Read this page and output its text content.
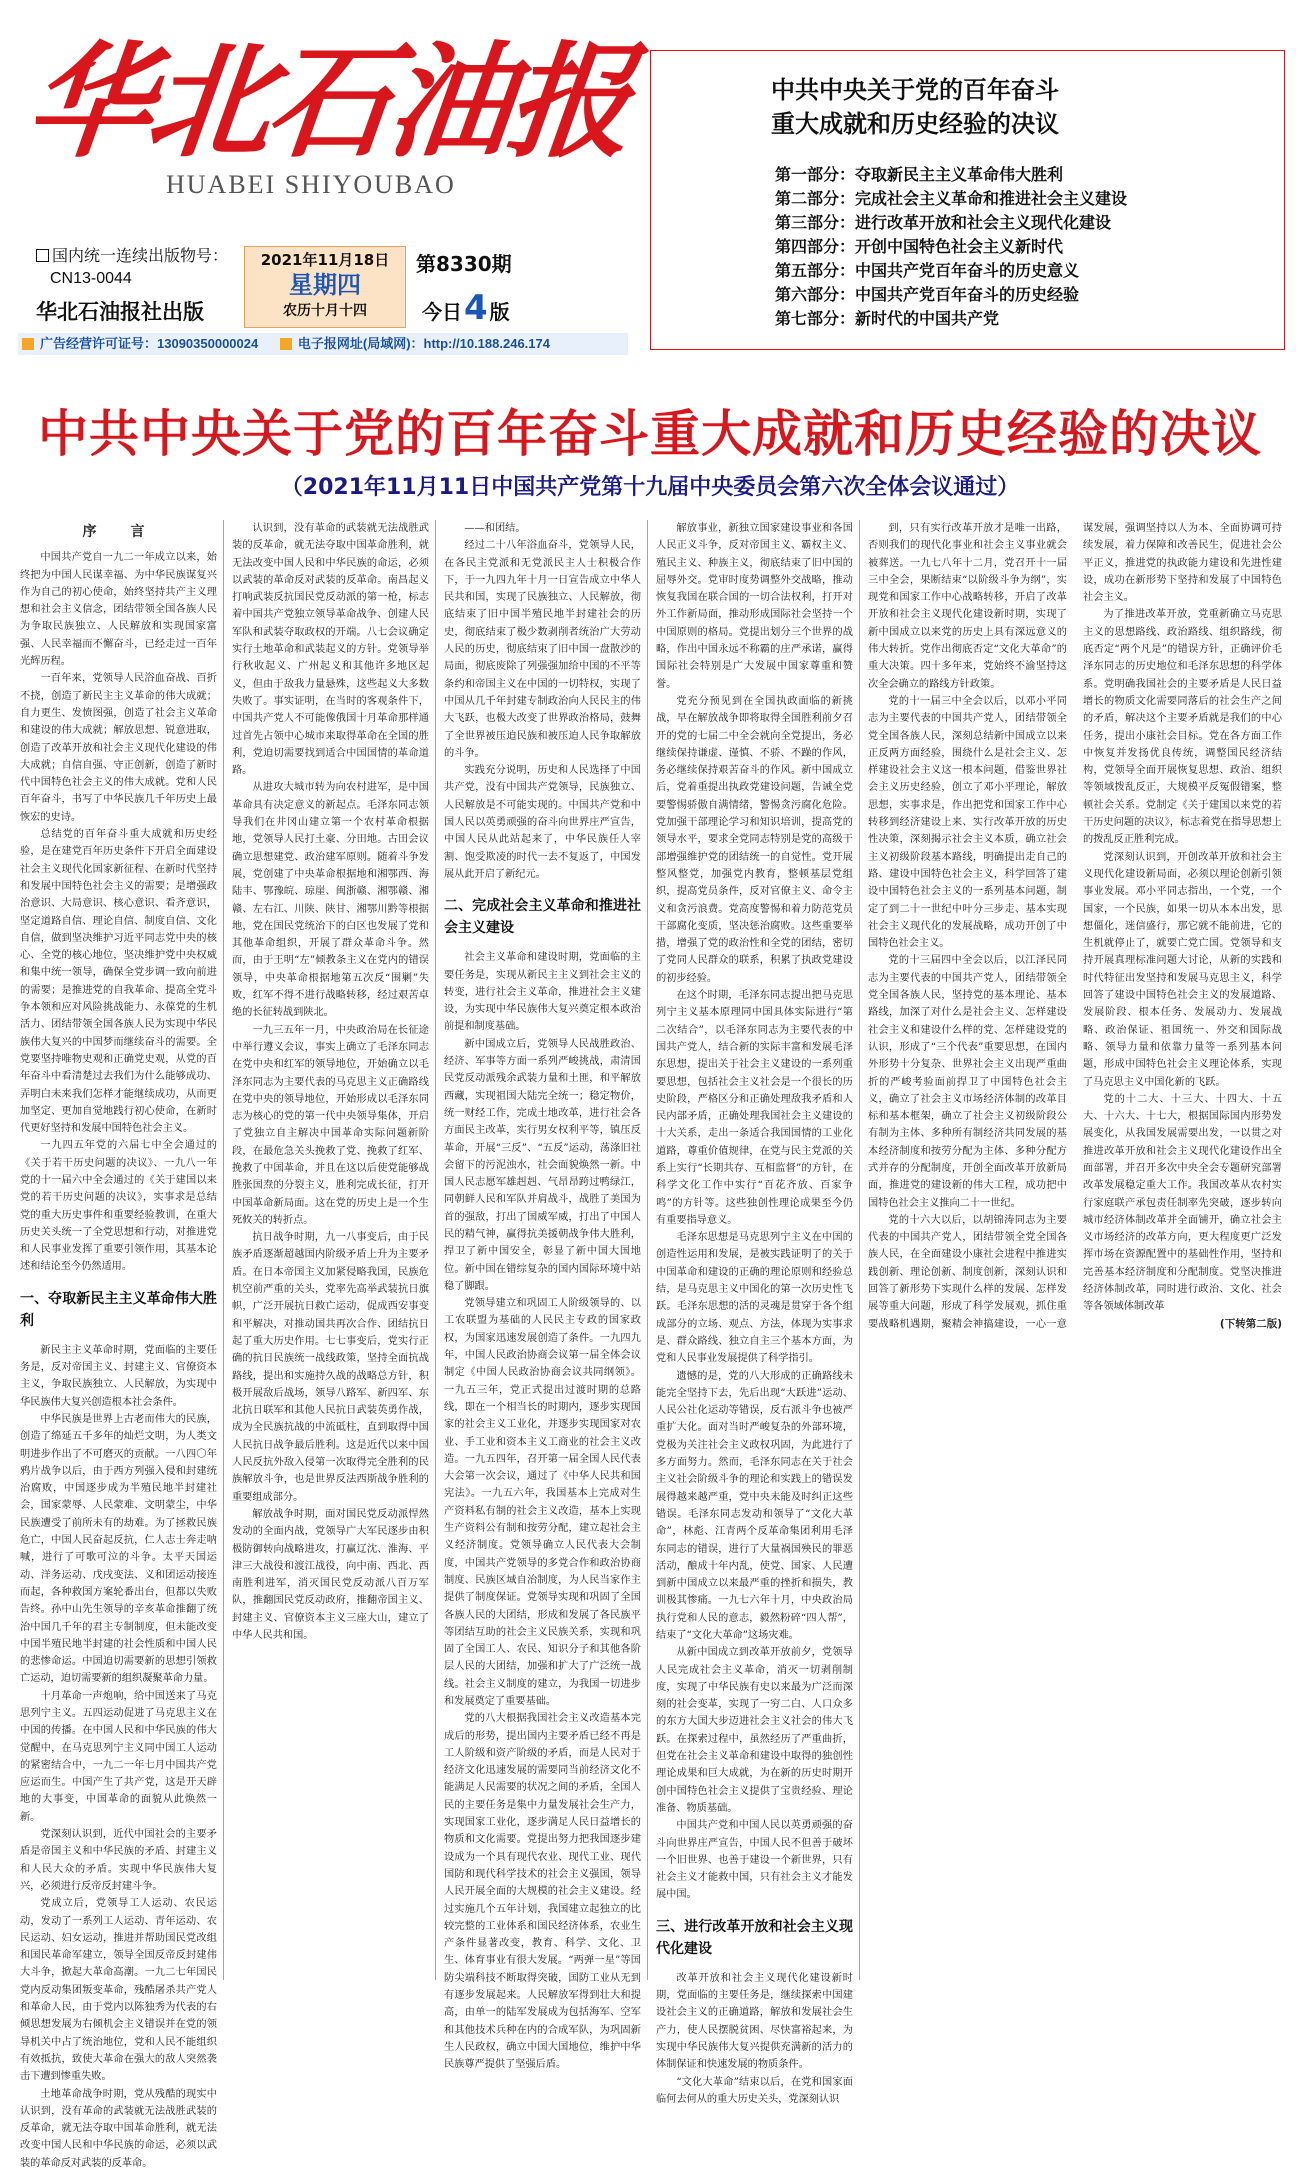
华北石油报
HUABEI SHIYOUBAO
国内统一连续出版物号：
CN13-0044
华北石油报社出版
2021年11月18日
星期四
农历十月十四
第8330期
今日4 版
广告经营许可证号：13090350000024	电子报网址(局域网)：http://10.188.246.174
中共中央关于党的百年奋斗
重大成就和历史经验的决议
第一部分：夺取新民主主义革命伟大胜利
第二部分：完成社会主义革命和推进社会主义建设
第三部分：进行改革开放和社会主义现代化建设
第四部分：开创中国特色社会主义新时代
第五部分：中国共产党百年奋斗的历史意义
第六部分：中国共产党百年奋斗的历史经验
第七部分：新时代的中国共产党
中共中央关于党的百年奋斗重大成就和历史经验的决议
（2021年11月11日中国共产党第十九届中央委员会第六次全体会议通过）
序　言

中国共产党自一九二一年成立以来，始终把为中国人民谋幸福、为中华民族谋复兴作为自己的初心使命，始终坚持共产主义理想和社会主义信念，团结带领全国各族人民为争取民族独立、人民解放和实现国家富强、人民幸福而不懈奋斗，已经走过一百年光辉历程。

一百年来，党领导人民浴血奋战、百折不挠，创造了新民主主义革命的伟大成就；自力更生、发愤图强，创造了社会主义革命和建设的伟大成就；解放思想、锐意进取，创造了改革开放和社会主义现代化建设的伟大成就；自信自强、守正创新，创造了新时代中国特色社会主义的伟大成就。党和人民百年奋斗，书写了中华民族几千年历史上最恢宏的史诗。

总结党的百年奋斗重大成就和历史经验，是在建党百年历史条件下开启全面建设社会主义现代化国家新征程、在新时代坚持和发展中国特色社会主义的需要；是增强政治意识、大局意识、核心意识、看齐意识，坚定道路自信、理论自信、制度自信、文化自信，做到坚决维护习近平同志党中央的核心、全党的核心地位，坚决维护党中央权威和集中统一领导，确保全党步调一致向前进的需要；是推进党的自我革命、提高全党斗争本领和应对风险挑战能力、永葆党的生机活力、团结带领全国各族人民为实现中华民族伟大复兴的中国梦而继续奋斗的需要。全党要坚持唯物史观和正确党史观，从党的百年奋斗中看清楚过去我们为什么能够成功、弄明白未来我们怎样才能继续成功，从而更加坚定、更加自觉地践行初心使命，在新时代更好坚持和发展中国特色社会主义。

一九四五年党的六届七中全会通过的《关于若干历史问题的决议》、一九八一年党的十一届六中全会通过的《关于建国以来党的若干历史问题的决议》，实事求是总结党的重大历史事件和重要经验教训，在重大历史关头统一了全党思想和行动，对推进党和人民事业发挥了重要引领作用，其基本论述和结论至今仍然适用。

一、夺取新民主主义革命伟大胜利

新民主主义革命时期，党面临的主要任务是，反对帝国主义、封建主义、官僚资本主义，争取民族独立、人民解放，为实现中华民族伟大复兴创造根本社会条件。

中华民族是世界上古老而伟大的民族，创造了绵延五千多年的灿烂文明，为人类文明进步作出了不可磨灭的贡献。一八四〇年鸦片战争以后，由于西方列强入侵和封建统治腐败，中国逐步成为半殖民地半封建社会，国家蒙辱、人民蒙难、文明蒙尘，中华民族遭受了前所未有的劫难。为了拯救民族危亡，中国人民奋起反抗，仁人志士奔走呐喊，进行了可歌可泣的斗争。太平天国运动、洋务运动、戊戌变法、义和团运动接连而起，各种救国方案轮番出台，但都以失败告终。孙中山先生领导的辛亥革命推翻了统治中国几千年的君主专制制度，但未能改变中国半殖民地半封建的社会性质和中国人民的悲惨命运。中国迫切需要新的思想引领救亡运动，迫切需要新的组织凝聚革命力量。

十月革命一声炮响，给中国送来了马克思列宁主义。五四运动促进了马克思主义在中国的传播。在中国人民和中华民族的伟大觉醒中，在马克思列宁主义同中国工人运动的紧密结合中，一九二一年七月中国共产党应运而生。中国产生了共产党，这是开天辟地的大事变，中国革命的面貌从此焕然一新。

党深刻认识到，近代中国社会的主要矛盾是帝国主义和中华民族的矛盾、封建主义和人民大众的矛盾。实现中华民族伟大复兴，必须进行反帝反封建斗争。

党成立后，党领导工人运动、农民运动，发动了一系列工人运动、青年运动、农民运动、妇女运动，推进并帮助国民党改组和国民革命军建立，领导全国反帝反封建伟大斗争，掀起大革命高潮。一九二七年国民党内反动集团叛变革命，残酷屠杀共产党人和革命人民，由于党内以陈独秀为代表的右倾思想发展为右倾机会主义错误并在党的领导机关中占了统治地位，党和人民不能组织有效抵抗，致使大革命在强大的敌人突然袭击下遭到惨重失败。

土地革命战争时期，党从残酷的现实中认识到，没有革命的武装就无法战胜武装的反革命，就无法夺取中国革命胜利，就无法改变中国人民和中华民族的命运，必须以武装的革命反对武装的反革命。

认识到，没有革命的武装就无法战胜武装的反革命，就无法夺取中国革命胜利，就无法改变中国人民和中华民族的命运，必须以武装的革命反对武装的反革命。南昌起义打响武装反抗国民党反动派的第一枪，标志着中国共产党独立领导革命战争、创建人民军队和武装夺取政权的开端。八七会议确定实行土地革命和武装起义的方针。党领导举行秋收起义、广州起义和其他许多地区起义，但由于敌我力量悬殊，这些起义大多数失败了。事实证明，在当时的客观条件下，中国共产党人不可能像俄国十月革命那样通过首先占领中心城市来取得革命在全国的胜利，党迫切需要找到适合中国国情的革命道路。

从进攻大城市转为向农村进军，是中国革命具有决定意义的新起点。毛泽东同志领导我们在井冈山建立第一个农村革命根据地，党领导人民打土豪、分田地。古田会议确立思想建党、政治建军原则。随着斗争发展，党创建了中央革命根据地和湘鄂西、海陆丰、鄂豫皖、琼崖、闽浙赣、湘鄂赣、湘赣、左右江、川陕、陕甘、湘鄂川黔等根据地，党在国民党统治下的白区也发展了党和其他革命组织，开展了群众革命斗争。然而，由于王明“左”倾教条主义在党内的错误领导，中央革命根据地第五次反“围剿”失败，红军不得不进行战略转移，经过艰苦卓绝的长征转战到陕北。

一九三五年一月，中央政治局在长征途中举行遵义会议，事实上确立了毛泽东同志在党中央和红军的领导地位，开始确立以毛泽东同志为主要代表的马克思主义正确路线在党中央的领导地位，开始形成以毛泽东同志为核心的党的第一代中央领导集体，开启了党独立自主解决中国革命实际问题新阶段，在最危急关头挽救了党、挽救了红军、挽救了中国革命，并且在这以后使党能够战胜张国焘的分裂主义，胜利完成长征，打开中国革命新局面。这在党的历史上是一个生死攸关的转折点。

抗日战争时期，九一八事变后，由于民族矛盾逐渐超越国内阶级矛盾上升为主要矛盾。在日本帝国主义加紧侵略我国，民族危机空前严重的关头，党率先高举武装抗日旗帜，广泛开展抗日救亡运动，促成西安事变和平解决，对推动国共再次合作、团结抗日起了重大历史作用。七七事变后，党实行正确的抗日民族统一战线政策，坚持全面抗战路线，提出和实施持久战的战略总方针，积极开展敌后战场，领导八路军、新四军、东北抗日联军和其他人民抗日武装英勇作战，成为全民族抗战的中流砥柱，直到取得中国人民抗日战争最后胜利。这是近代以来中国人民反抗外敌入侵第一次取得完全胜利的民族解放斗争，也是世界反法西斯战争胜利的重要组成部分。

解放战争时期，面对国民党反动派悍然发动的全面内战，党领导广大军民逐步由积极防御转向战略进攻，打赢辽沈、淮海、平津三大战役和渡江战役，向中南、西北、西南胜利进军，消灭国民党反动派八百万军队，推翻国民党反动政府，推翻帝国主义、封建主义、官僚资本主义三座大山，建立了中华人民共和国。

——和团结。

经过二十八年浴血奋斗，党领导人民，在各民主党派和无党派民主人士积极合作下，于一九四九年十月一日宣告成立中华人民共和国，实现了民族独立、人民解放，彻底结束了旧中国半殖民地半封建社会的历史，彻底结束了极少数剥削者统治广大劳动人民的历史，彻底结束了旧中国一盘散沙的局面，彻底废除了列强强加给中国的不平等条约和帝国主义在中国的一切特权，实现了中国从几千年封建专制政治向人民民主的伟大飞跃，也极大改变了世界政治格局，鼓舞了全世界被压迫民族和被压迫人民争取解放的斗争。

实践充分说明，历史和人民选择了中国共产党，没有中国共产党领导，民族独立、人民解放是不可能实现的。中国共产党和中国人民以英勇顽强的奋斗向世界庄严宣告，中国人民从此站起来了，中华民族任人宰割、饱受欺凌的时代一去不复返了，中国发展从此开启了新纪元。

二、完成社会主义革命和推进社会主义建设

社会主义革命和建设时期，党面临的主要任务是，实现从新民主主义到社会主义的转变，进行社会主义革命，推进社会主义建设，为实现中华民族伟大复兴奠定根本政治前提和制度基础。

新中国成立后，党领导人民战胜政治、经济、军事等方面一系列严峻挑战，肃清国民党反动派残余武装力量和土匪，和平解放西藏，实现祖国大陆完全统一；稳定物价，统一财经工作，完成土地改革，进行社会各方面民主改革，实行男女权利平等，镇压反革命，开展“三反”、“五反”运动，荡涤旧社会留下的污泥浊水，社会面貌焕然一新。中国人民志愿军雄赳赳、气昂昂跨过鸭绿江，同朝鲜人民和军队并肩战斗，战胜了美国为首的强敌，打出了国威军威，打出了中国人民的精气神，赢得抗美援朝战争伟大胜利，捍卫了新中国安全，彰显了新中国大国地位。新中国在错综复杂的国内国际环境中站稳了脚跟。

党领导建立和巩固工人阶级领导的、以工农联盟为基础的人民民主专政的国家政权，为国家迅速发展创造了条件。一九四九年，中国人民政治协商会议第一届全体会议制定《中国人民政治协商会议共同纲领》。一九五三年，党正式提出过渡时期的总路线，即在一个相当长的时期内，逐步实现国家的社会主义工业化，并逐步实现国家对农业、手工业和资本主义工商业的社会主义改造。一九五四年，召开第一届全国人民代表大会第一次会议，通过了《中华人民共和国宪法》。一九五六年，我国基本上完成对生产资料私有制的社会主义改造，基本上实现生产资料公有制和按劳分配，建立起社会主义经济制度。党领导确立人民代表大会制度，中国共产党领导的多党合作和政治协商制度、民族区域自治制度，为人民当家作主提供了制度保证。党领导实现和巩固了全国各族人民的大团结，形成和发展了各民族平等团结互助的社会主义民族关系，实现和巩固了全国工人、农民、知识分子和其他各阶层人民的大团结，加强和扩大了广泛统一战线。社会主义制度的建立，为我国一切进步和发展奠定了重要基础。

党的八大根据我国社会主义改造基本完成后的形势，提出国内主要矛盾已经不再是工人阶级和资产阶级的矛盾，而是人民对于经济文化迅速发展的需要同当前经济文化不能满足人民需要的状况之间的矛盾，全国人民的主要任务是集中力量发展社会生产力，实现国家工业化，逐步满足人民日益增长的物质和文化需要。党提出努力把我国逐步建设成为一个具有现代农业、现代工业、现代国防和现代科学技术的社会主义强国，领导人民开展全面的大规模的社会主义建设。经过实施几个五年计划，我国建立起独立的比较完整的工业体系和国民经济体系，农业生产条件显著改变，教育、科学、文化、卫生、体育事业有很大发展。“两弹一星”等国防尖端科技不断取得突破，国防工业从无到有逐步发展起来。人民解放军得到壮大和提高，由单一的陆军发展成为包括海军、空军和其他技术兵种在内的合成军队，为巩固新生人民政权，确立中国大国地位，维护中华民族尊严提供了坚强后盾。

解放事业，新独立国家建设事业和各国人民正义斗争，反对帝国主义、霸权主义、殖民主义、种族主义，彻底结束了旧中国的屈辱外交。党审时度势调整外交战略，推动恢复我国在联合国的一切合法权利，打开对外工作新局面，推动形成国际社会坚持一个中国原则的格局。党提出划分三个世界的战略，作出中国永远不称霸的庄严承诺，赢得国际社会特别是广大发展中国家尊重和赞誉。

党充分预见到在全国执政面临的新挑战，早在解放战争即将取得全国胜利前夕召开的党的七届二中全会就向全党提出，务必继续保持谦虚、谨慎、不骄、不躁的作风，务必继续保持艰苦奋斗的作风。新中国成立后，党着重提出执政党建设问题，告诫全党要警惕骄傲自满情绪，警惕贪污腐化危险。党加强干部理论学习和知识培训，提高党的领导水平，要求全党同志特别是党的高级干部增强维护党的团结统一的自觉性。党开展整风整党，加强党内教育，整顿基层党组织，提高党员条件，反对官僚主义、命令主义和贪污浪费。党高度警惕和着力防范党员干部腐化变质，坚决惩治腐败。这些重要举措，增强了党的政治性和全党的团结，密切了党同人民群众的联系，积累了执政党建设的初步经验。

在这个时期，毛泽东同志提出把马克思列宁主义基本原理同中国具体实际进行“第二次结合”，以毛泽东同志为主要代表的中国共产党人，结合新的实际丰富和发展毛泽东思想，提出关于社会主义建设的一系列重要思想，包括社会主义社会是一个很长的历史阶段，严格区分和正确处理敌我矛盾和人民内部矛盾，正确处理我国社会主义建设的十大关系，走出一条适合我国国情的工业化道路，尊重价值规律，在党与民主党派的关系上实行“长期共存、互相监督”的方针，在科学文化工作中实行“百花齐放、百家争鸣”的方针等。这些独创性理论成果至今仍有重要指导意义。

毛泽东思想是马克思列宁主义在中国的创造性运用和发展，是被实践证明了的关于中国革命和建设的正确的理论原则和经验总结，是马克思主义中国化的第一次历史性飞跃。毛泽东思想的活的灵魂是贯穿于各个组成部分的立场、观点、方法，体现为实事求是、群众路线、独立自主三个基本方面，为党和人民事业发展提供了科学指引。

遗憾的是，党的八大形成的正确路线未能完全坚持下去，先后出现“大跃进”运动、人民公社化运动等错误，反右派斗争也被严重扩大化。面对当时严峻复杂的外部环境，党极为关注社会主义政权巩固，为此进行了多方面努力。然而，毛泽东同志在关于社会主义社会阶级斗争的理论和实践上的错误发展得越来越严重，党中央未能及时纠正这些错误。毛泽东同志发动和领导了“文化大革命”，林彪、江青两个反革命集团利用毛泽东同志的错误，进行了大量祸国殃民的罪恶活动，酿成十年内乱，使党、国家、人民遭到新中国成立以来最严重的挫折和损失，教训极其惨痛。一九七六年十月，中央政治局执行党和人民的意志，毅然粉碎“四人帮”，结束了“文化大革命”这场灾难。

从新中国成立到改革开放前夕，党领导人民完成社会主义革命，消灭一切剥削制度，实现了中华民族有史以来最为广泛而深刻的社会变革，实现了一穷二白、人口众多的东方大国大步迈进社会主义社会的伟大飞跃。在探索过程中，虽然经历了严重曲折，但党在社会主义革命和建设中取得的独创性理论成果和巨大成就，为在新的历史时期开创中国特色社会主义提供了宝贵经验、理论准备、物质基础。

中国共产党和中国人民以英勇顽强的奋斗向世界庄严宣告，中国人民不但善于破坏一个旧世界、也善于建设一个新世界，只有社会主义才能救中国，只有社会主义才能发展中国。

三、进行改革开放和社会主义现代化建设

改革开放和社会主义现代化建设新时期，党面临的主要任务是，继续探索中国建设社会主义的正确道路，解放和发展社会生产力，使人民摆脱贫困、尽快富裕起来，为实现中华民族伟大复兴提供充满新的活力的体制保证和快速发展的物质条件。

“文化大革命”结束以后，在党和国家面临何去何从的重大历史关头，党深刻认识

到，只有实行改革开放才是唯一出路，否则我们的现代化事业和社会主义事业就会被葬送。一九七八年十二月，党召开十一届三中全会，果断结束“以阶级斗争为纲”，实现党和国家工作中心战略转移，开启了改革开放和社会主义现代化建设新时期，实现了新中国成立以来党的历史上具有深远意义的伟大转折。党作出彻底否定“文化大革命”的重大决策。四十多年来，党始终不渝坚持这次全会确立的路线方针政策。

党的十一届三中全会以后，以邓小平同志为主要代表的中国共产党人，团结带领全党全国各族人民，深刻总结新中国成立以来正反两方面经验，围绕什么是社会主义、怎样建设社会主义这一根本问题，借鉴世界社会主义历史经验，创立了邓小平理论，解放思想，实事求是，作出把党和国家工作中心转移到经济建设上来、实行改革开放的历史性决策，深刻揭示社会主义本质，确立社会主义初级阶段基本路线，明确提出走自己的路、建设中国特色社会主义，科学回答了建设中国特色社会主义的一系列基本问题，制定了到二十一世纪中叶分三步走、基本实现社会主义现代化的发展战略，成功开创了中国特色社会主义。

党的十三届四中全会以后，以江泽民同志为主要代表的中国共产党人，团结带领全党全国各族人民，坚持党的基本理论、基本路线，加深了对什么是社会主义、怎样建设社会主义和建设什么样的党、怎样建设党的认识，形成了“三个代表”重要思想，在国内外形势十分复杂、世界社会主义出现严重曲折的严峻考验面前捍卫了中国特色社会主义，确立了社会主义市场经济体制的改革目标和基本框架，确立了社会主义初级阶段公有制为主体、多种所有制经济共同发展的基本经济制度和按劳分配为主体、多种分配方式并存的分配制度，开创全面改革开放新局面，推进党的建设新的伟大工程，成功把中国特色社会主义推向二十一世纪。

党的十六大以后，以胡锦涛同志为主要代表的中国共产党人，团结带领全党全国各族人民，在全面建设小康社会进程中推进实践创新、理论创新、制度创新，深刻认识和回答了新形势下实现什么样的发展、怎样发展等重大问题，形成了科学发展观，抓住重要战略机遇期，聚精会神搞建设，一心一意谋发展，强调坚持以人为本、全面协调可持续发展，着力保障和改善民生，促进社会公平正义，推进党的执政能力建设和先进性建设，成功在新形势下坚持和发展了中国特色社会主义。

为了推进改革开放，党重新确立马克思主义的思想路线、政治路线、组织路线，彻底否定“两个凡是”的错误方针，正确评价毛泽东同志的历史地位和毛泽东思想的科学体系。党明确我国社会的主要矛盾是人民日益增长的物质文化需要同落后的社会生产之间的矛盾，解决这个主要矛盾就是我们的中心任务，提出小康社会目标。党在各方面工作中恢复并发扬优良传统，调整国民经济结构，党领导全面开展恢复思想、政治、组织等领域拨乱反正，大规模平反冤假错案，整顿社会关系。党制定《关于建国以来党的若干历史问题的决议》，标志着党在指导思想上的拨乱反正胜利完成。

党深刻认识到，开创改革开放和社会主义现代化建设新局面，必须以理论创新引领事业发展。邓小平同志指出，一个党，一个国家，一个民族，如果一切从本本出发，思想僵化，迷信盛行，那它就不能前进，它的生机就停止了，就要亡党亡国。党领导和支持开展真理标准问题大讨论，从新的实践和时代特征出发坚持和发展马克思主义，科学回答了建设中国特色社会主义的发展道路、发展阶段、根本任务、发展动力、发展战略、政治保证、祖国统一、外交和国际战略、领导力量和依靠力量等一系列基本问题，形成中国特色社会主义理论体系，实现了马克思主义中国化新的飞跃。

党的十二大、十三大、十四大、十五大、十六大、十七大，根据国际国内形势发展变化，从我国发展需要出发，一以贯之对推进改革开放和社会主义现代化建设作出全面部署，并召开多次中央全会专题研究部署改革发展稳定重大工作。我国改革从农村实行家庭联产承包责任制率先突破，逐步转向城市经济体制改革并全面铺开，确立社会主义市场经济的改革方向，更大程度更广泛发挥市场在资源配置中的基础性作用，坚持和完善基本经济制度和分配制度。党坚决推进经济体制改革，同时进行政治、文化、社会等各领域体制改革

(下转第二版)
